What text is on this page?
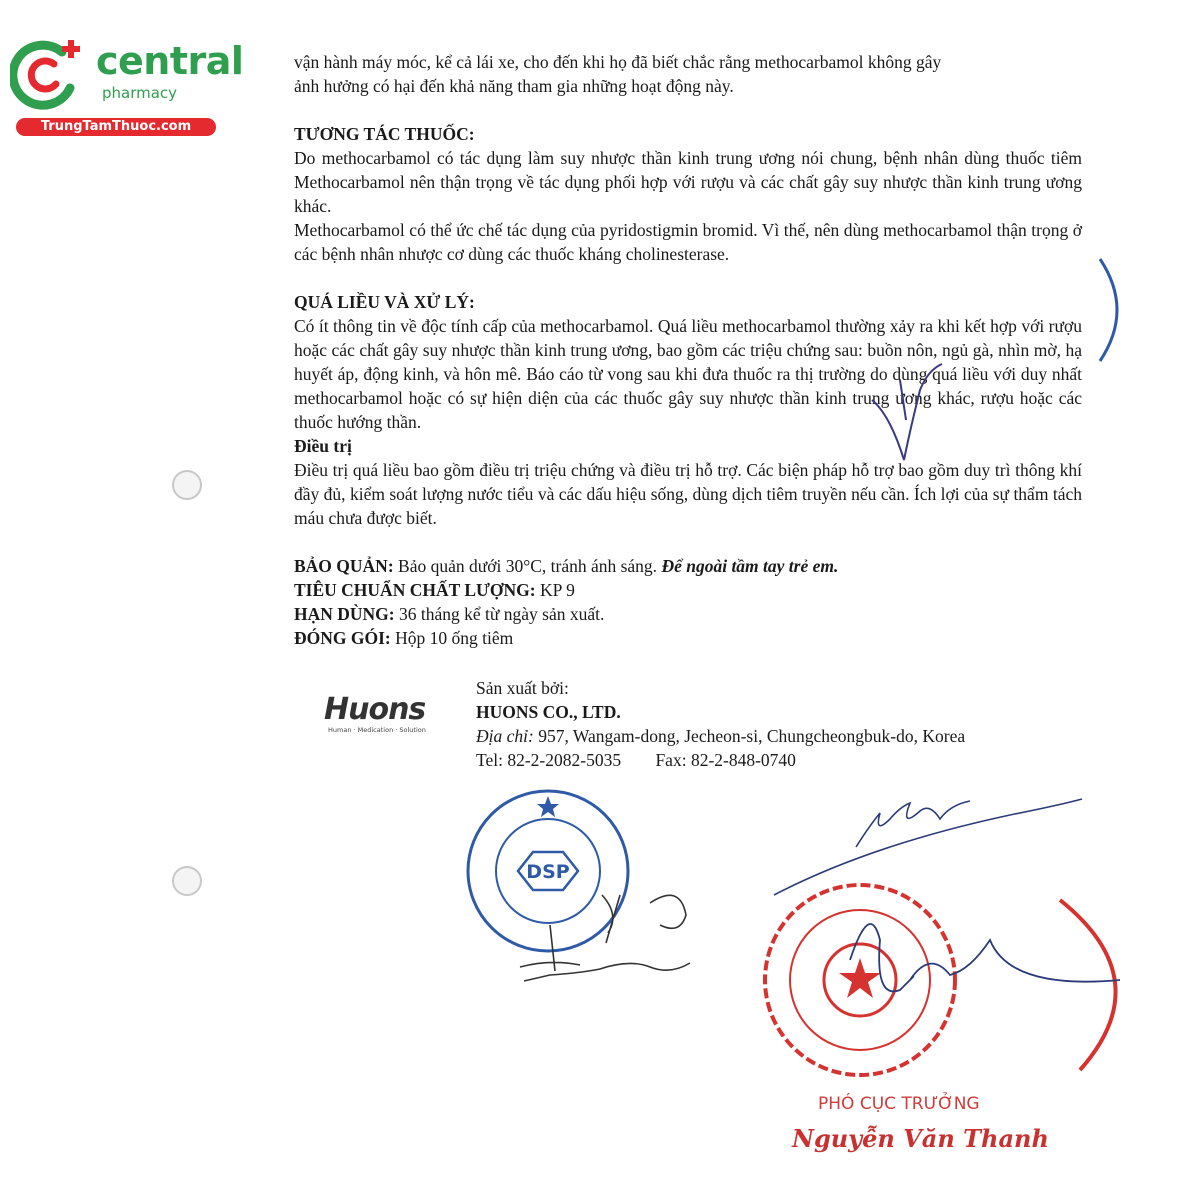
central
pharmacy
TrungTamThuoc.com

vận hành máy móc, kể cả lái xe, cho đến khi họ đã biết chắc rằng methocarbamol không gây

ảnh hưởng có hại đến khả năng tham gia những hoạt động này.

TƯƠNG TÁC THUỐC:

Do methocarbamol có tác dụng làm suy nhược thần kinh trung ương nói chung, bệnh nhân dùng thuốc tiêm Methocarbamol nên thận trọng về tác dụng phối hợp với rượu và các chất gây suy nhược thần kinh trung ương khác.

Methocarbamol có thể ức chế tác dụng của pyridostigmin bromid. Vì thế, nên dùng methocarbamol thận trọng ở các bệnh nhân nhược cơ dùng các thuốc kháng cholinesterase.

QUÁ LIỀU VÀ XỬ LÝ:

Có ít thông tin về độc tính cấp của methocarbamol. Quá liều methocarbamol thường xảy ra khi kết hợp với rượu hoặc các chất gây suy nhược thần kinh trung ương, bao gồm các triệu chứng sau: buồn nôn, ngủ gà, nhìn mờ, hạ huyết áp, động kinh, và hôn mê. Báo cáo từ vong sau khi đưa thuốc ra thị trường do dùng quá liều với duy nhất methocarbamol hoặc có sự hiện diện của các thuốc gây suy nhược thần kinh trung ương khác, rượu hoặc các thuốc hướng thần.

Điều trị

Điều trị quá liều bao gồm điều trị triệu chứng và điều trị hỗ trợ. Các biện pháp hỗ trợ bao gồm duy trì thông khí đầy đủ, kiểm soát lượng nước tiểu và các dấu hiệu sống, dùng dịch tiêm truyền nếu cần. Ích lợi của sự thẩm tách máu chưa được biết.

BẢO QUẢN: Bảo quản dưới 30°C, tránh ánh sáng. Để ngoài tầm tay trẻ em.

TIÊU CHUẨN CHẤT LƯỢNG: KP 9

HẠN DÙNG: 36 tháng kể từ ngày sản xuất.

ĐÓNG GÓI: Hộp 10 ống tiêm

Huons
Human · Medication · Solution
Sản xuất bởi:
HUONS CO., LTD.
Địa chỉ: 957, Wangam-dong, Jecheon-si, Chungcheongbuk-do, Korea
Tel: 82-2-2082-5035 Fax: 82-2-848-0740
DSP
PHÓ CỤC TRƯỞNG
Nguyễn Văn Thanh
